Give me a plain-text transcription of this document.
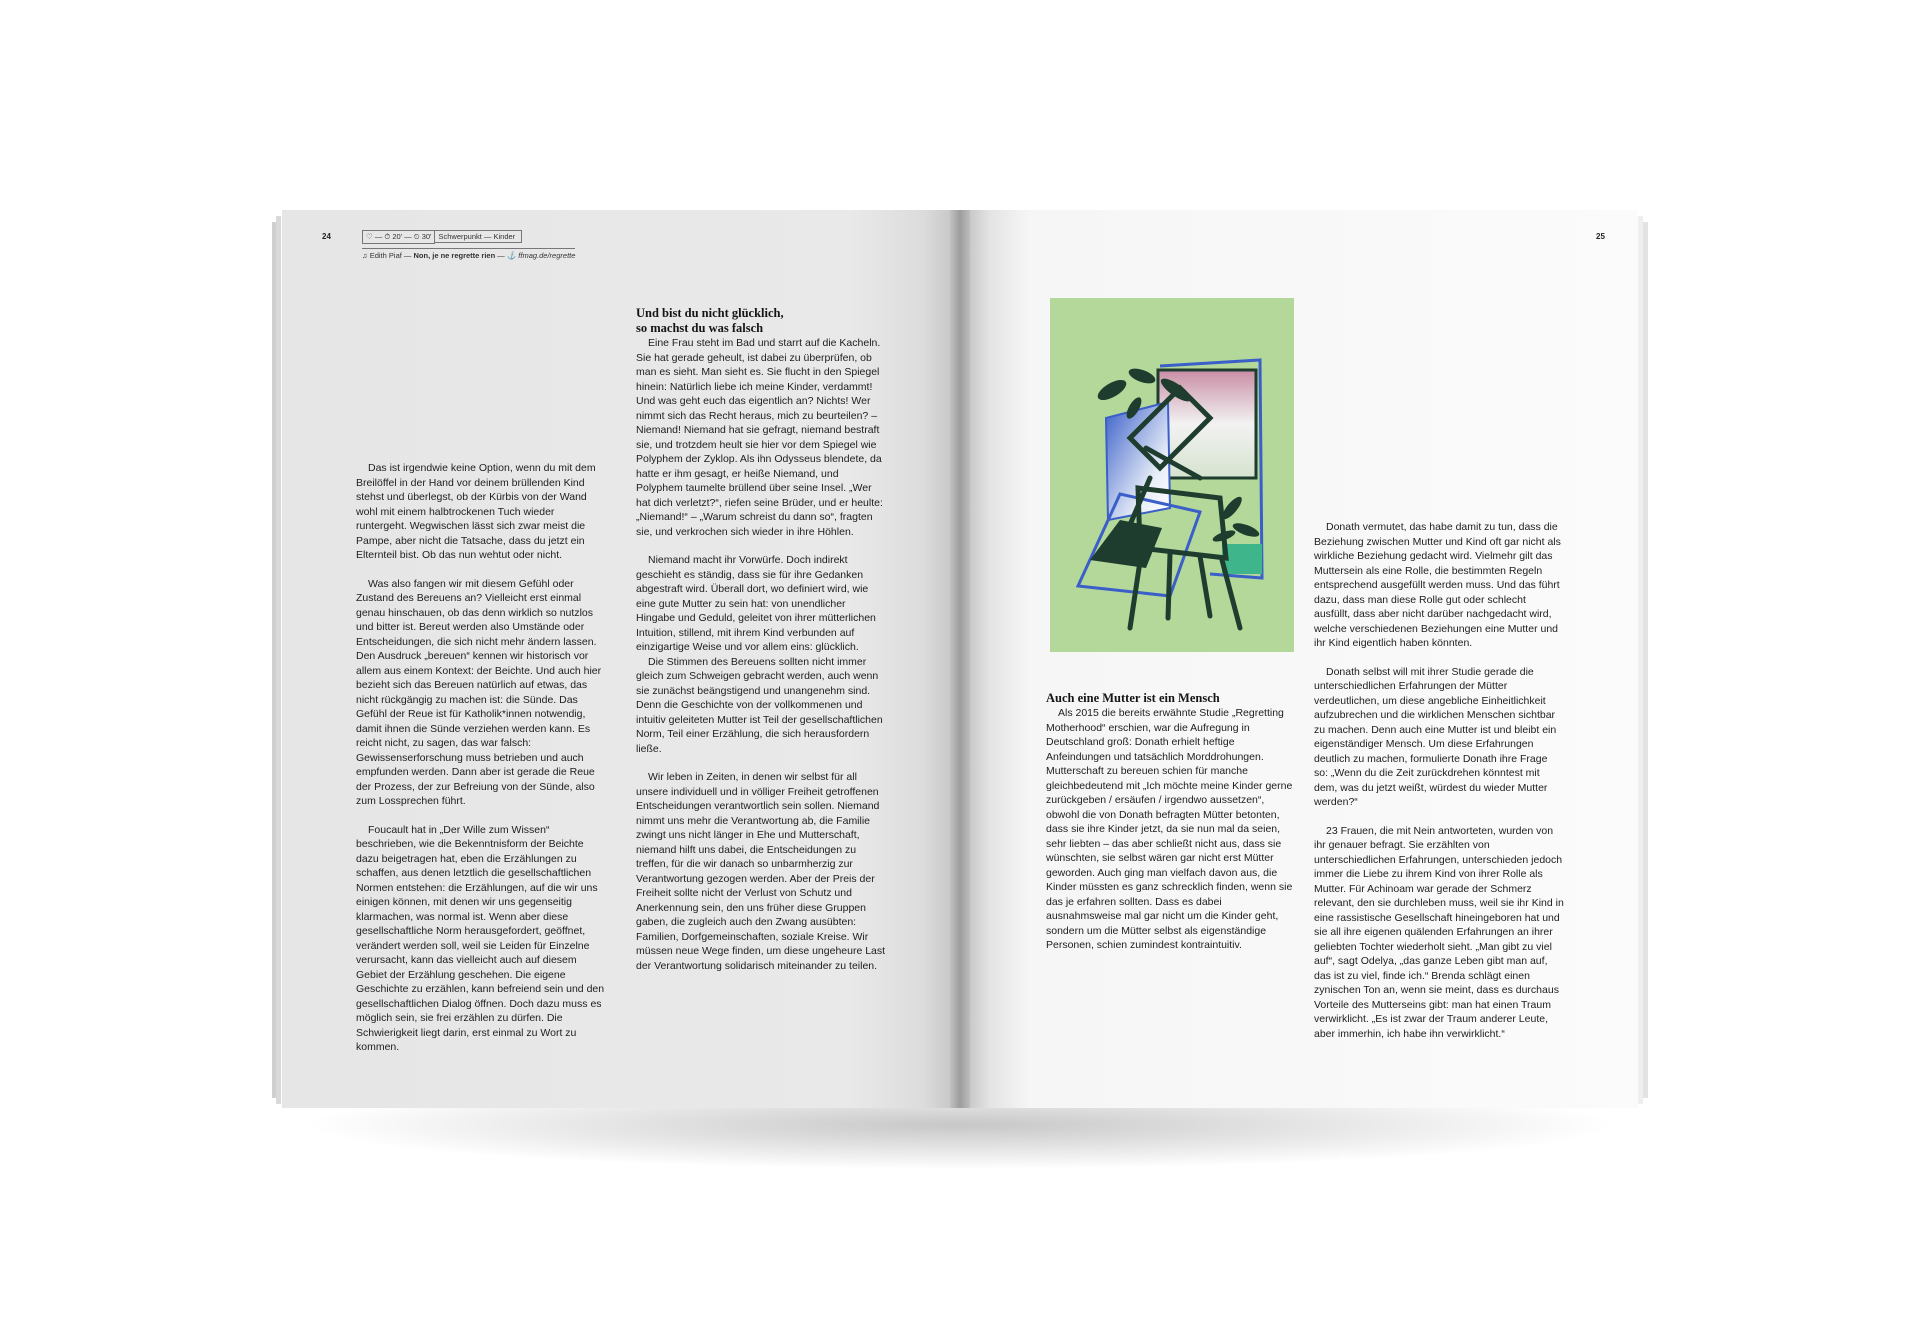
24	♡ — ⏱ 20' — ⏲ 30' Schwerpunkt — Kinder
♫ Edith Piaf — Non, je ne regrette rien — ⚓ ffmag.de/regrette

Das ist irgendwie keine Option, wenn du mit dem Breilöffel in der Hand vor deinem brüllenden Kind stehst und überlegst, ob der Kürbis von der Wand wohl mit einem halbtrockenen Tuch wieder runtergeht. Wegwischen lässt sich zwar meist die Pampe, aber nicht die Tatsache, dass du jetzt ein Elternteil bist. Ob das nun wehtut oder nicht.

Was also fangen wir mit diesem Gefühl oder Zustand des Bereuens an? Vielleicht erst einmal genau hinschauen, ob das denn wirklich so nutzlos und bitter ist. Bereut werden also Umstände oder Entscheidungen, die sich nicht mehr ändern lassen. Den Ausdruck „bereuen“ kennen wir historisch vor allem aus einem Kontext: der Beichte. Und auch hier bezieht sich das Bereuen natürlich auf etwas, das nicht rückgängig zu machen ist: die Sünde. Das Gefühl der Reue ist für Katholik*innen notwendig, damit ihnen die Sünde verziehen werden kann. Es reicht nicht, zu sagen, das war falsch: Gewissenserforschung muss betrieben und auch empfunden werden. Dann aber ist gerade die Reue der Prozess, der zur Befreiung von der Sünde, also zum Lossprechen führt.

Foucault hat in „Der Wille zum Wissen“ beschrieben, wie die Bekenntnisform der Beichte dazu beigetragen hat, eben die Erzählungen zu schaffen, aus denen letztlich die gesellschaftlichen Normen entstehen: die Erzählungen, auf die wir uns einigen können, mit denen wir uns gegenseitig klarmachen, was normal ist. Wenn aber diese gesellschaftliche Norm herausgefordert, geöffnet, verändert werden soll, weil sie Leiden für Einzelne verursacht, kann das vielleicht auch auf diesem Gebiet der Erzählung geschehen. Die eigene Geschichte zu erzählen, kann befreiend sein und den gesellschaftlichen Dialog öffnen. Doch dazu muss es möglich sein, sie frei erzählen zu dürfen. Die Schwierigkeit liegt darin, erst einmal zu Wort zu kommen.

Und bist du nicht glücklich,
so machst du was falsch

Eine Frau steht im Bad und starrt auf die Kacheln. Sie hat gerade geheult, ist dabei zu überprüfen, ob man es sieht. Man sieht es. Sie flucht in den Spiegel hinein: Natürlich liebe ich meine Kinder, verdammt! Und was geht euch das eigentlich an? Nichts! Wer nimmt sich das Recht heraus, mich zu beurteilen? – Niemand! Niemand hat sie gefragt, niemand bestraft sie, und trotzdem heult sie hier vor dem Spiegel wie Polyphem der Zyklop. Als ihn Odysseus blendete, da hatte er ihm gesagt, er heiße Niemand, und Polyphem taumelte brüllend über seine Insel. „Wer hat dich verletzt?“, riefen seine Brüder, und er heulte: „Niemand!“ – „Warum schreist du dann so“, fragten sie, und verkrochen sich wieder in ihre Höhlen.

Niemand macht ihr Vorwürfe. Doch indirekt geschieht es ständig, dass sie für ihre Gedanken abgestraft wird. Überall dort, wo definiert wird, wie eine gute Mutter zu sein hat: von unendlicher Hingabe und Geduld, geleitet von ihrer mütterlichen Intuition, stillend, mit ihrem Kind verbunden auf einzigartige Weise und vor allem eins: glücklich.

Die Stimmen des Bereuens sollten nicht immer gleich zum Schweigen gebracht werden, auch wenn sie zunächst beängstigend und unangenehm sind. Denn die Geschichte von der vollkommenen und intuitiv geleiteten Mutter ist Teil der gesellschaftlichen Norm, Teil einer Erzählung, die sich herausfordern ließe.

Wir leben in Zeiten, in denen wir selbst für all unsere individuell und in völliger Freiheit getroffenen Entscheidungen verantwortlich sein sollen. Niemand nimmt uns mehr die Verantwortung ab, die Familie zwingt uns nicht länger in Ehe und Mutterschaft, niemand hilft uns dabei, die Entscheidungen zu treffen, für die wir danach so unbarmherzig zur Verantwortung gezogen werden. Aber der Preis der Freiheit sollte nicht der Verlust von Schutz und Anerkennung sein, den uns früher diese Gruppen gaben, die zugleich auch den Zwang ausübten: Familien, Dorfgemeinschaften, soziale Kreise. Wir müssen neue Wege finden, um diese ungeheure Last der Verantwortung solidarisch miteinander zu teilen.

25
Auch eine Mutter ist ein Mensch

Als 2015 die bereits erwähnte Studie „Regretting Motherhood“ erschien, war die Aufregung in Deutschland groß: Donath erhielt heftige Anfeindungen und tatsächlich Morddrohungen. Mutterschaft zu bereuen schien für manche gleichbedeutend mit „Ich möchte meine Kinder gerne zurückgeben / ersäufen / irgendwo aussetzen“, obwohl die von Donath befragten Mütter betonten, dass sie ihre Kinder jetzt, da sie nun mal da seien, sehr liebten – das aber schließt nicht aus, dass sie wünschten, sie selbst wären gar nicht erst Mütter geworden. Auch ging man vielfach davon aus, die Kinder müssten es ganz schrecklich finden, wenn sie das je erfahren sollten. Dass es dabei ausnahmsweise mal gar nicht um die Kinder geht, sondern um die Mütter selbst als eigenständige Personen, schien zumindest kontraintuitiv.

Donath vermutet, das habe damit zu tun, dass die Beziehung zwischen Mutter und Kind oft gar nicht als wirkliche Beziehung gedacht wird. Vielmehr gilt das Muttersein als eine Rolle, die bestimmten Regeln entsprechend ausgefüllt werden muss. Und das führt dazu, dass man diese Rolle gut oder schlecht ausfüllt, dass aber nicht darüber nachgedacht wird, welche verschiedenen Beziehungen eine Mutter und ihr Kind eigentlich haben könnten.

Donath selbst will mit ihrer Studie gerade die unterschiedlichen Erfahrungen der Mütter verdeutlichen, um diese angebliche Einheitlichkeit aufzubrechen und die wirklichen Menschen sichtbar zu machen. Denn auch eine Mutter ist und bleibt ein eigenständiger Mensch. Um diese Erfahrungen deutlich zu machen, formulierte Donath ihre Frage so: „Wenn du die Zeit zurückdrehen könntest mit dem, was du jetzt weißt, würdest du wieder Mutter werden?“

23 Frauen, die mit Nein antworteten, wurden von ihr genauer befragt. Sie erzählten von unterschiedlichen Erfahrungen, unterschieden jedoch immer die Liebe zu ihrem Kind von ihrer Rolle als Mutter. Für Achinoam war gerade der Schmerz relevant, den sie durchleben muss, weil sie ihr Kind in eine rassistische Gesellschaft hineingeboren hat und sie all ihre eigenen quälenden Erfahrungen an ihrer geliebten Tochter wiederholt sieht. „Man gibt zu viel auf“, sagt Odelya, „das ganze Leben gibt man auf, das ist zu viel, finde ich.“ Brenda schlägt einen zynischen Ton an, wenn sie meint, dass es durchaus Vorteile des Mutterseins gibt: man hat einen Traum verwirklicht. „Es ist zwar der Traum anderer Leute, aber immerhin, ich habe ihn verwirklicht.“
